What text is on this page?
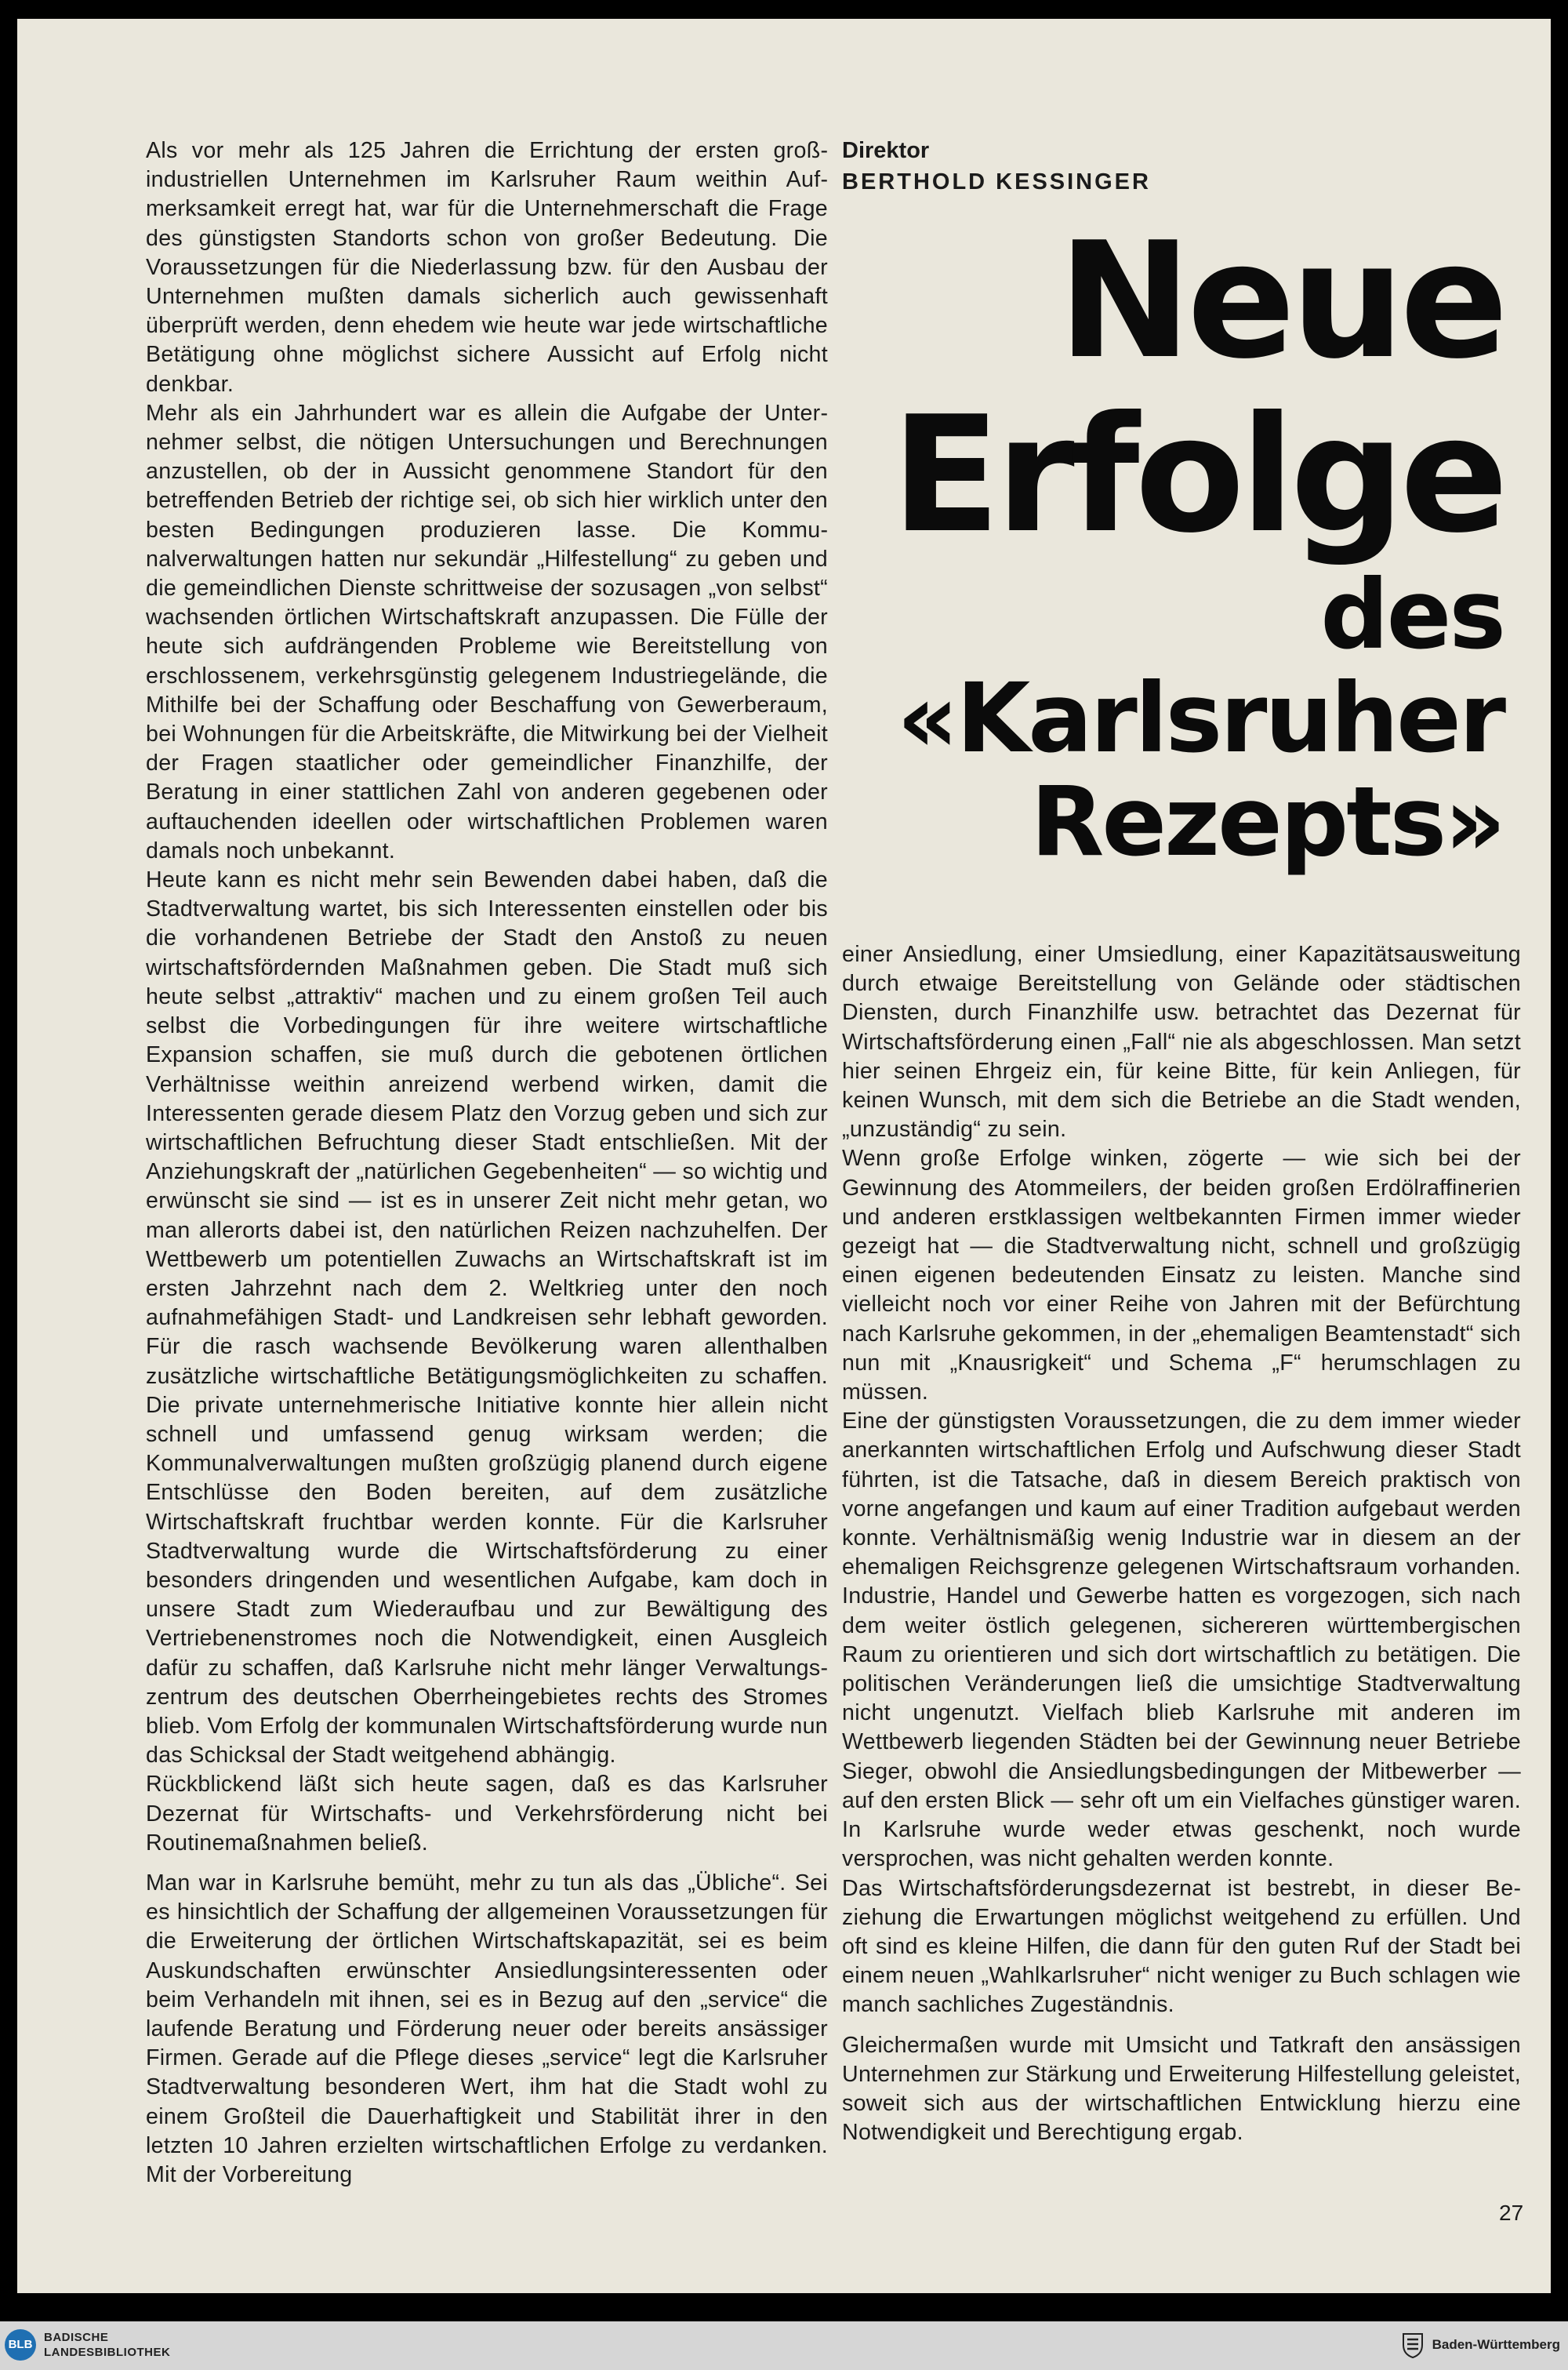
Als vor mehr als 125 Jahren die Errichtung der ersten großindustriellen Unternehmen im Karlsruher Raum weithin Aufmerksamkeit erregt hat, war für die Unternehmerschaft die Frage des günstigsten Standorts schon von großer Bedeutung. Die Voraussetzungen für die Niederlassung bzw. für den Ausbau der Unternehmen mußten damals sicherlich auch gewissenhaft überprüft werden, denn ehedem wie heute war jede wirtschaftliche Betätigung ohne möglichst sichere Aussicht auf Erfolg nicht denkbar.

Mehr als ein Jahrhundert war es allein die Aufgabe der Unternehmer selbst, die nötigen Untersuchungen und Berechnungen anzustellen, ob der in Aussicht genommene Standort für den betreffenden Betrieb der richtige sei, ob sich hier wirklich unter den besten Bedingungen produzieren lasse. Die Kommunalverwaltungen hatten nur sekundär „Hilfestellung“ zu geben und die gemeindlichen Dienste schrittweise der sozusagen „von selbst“ wachsenden örtlichen Wirtschaftskraft anzupassen. Die Fülle der heute sich aufdrängenden Probleme wie Bereitstellung von erschlossenem, verkehrsgünstig gelegenem Industriegelände, die Mithilfe bei der Schaffung oder Beschaffung von Gewerberaum, bei Wohnungen für die Arbeitskräfte, die Mitwirkung bei der Vielheit der Fragen staatlicher oder gemeindlicher Finanzhilfe, der Beratung in einer stattlichen Zahl von anderen gegebenen oder auftauchenden ideellen oder wirtschaftlichen Problemen waren damals noch unbekannt.

Heute kann es nicht mehr sein Bewenden dabei haben, daß die Stadtverwaltung wartet, bis sich Interessenten einstellen oder bis die vorhandenen Betriebe der Stadt den Anstoß zu neuen wirtschaftsfördernden Maßnahmen geben. Die Stadt muß sich heute selbst „attraktiv“ machen und zu einem großen Teil auch selbst die Vorbedingungen für ihre weitere wirtschaftliche Expansion schaffen, sie muß durch die gebotenen örtlichen Verhältnisse weithin anreizend werbend wirken, damit die Interessenten gerade diesem Platz den Vorzug geben und sich zur wirtschaftlichen Befruchtung dieser Stadt entschließen. Mit der Anziehungskraft der „natürlichen Gegebenheiten“ — so wichtig und erwünscht sie sind — ist es in unserer Zeit nicht mehr getan, wo man allerorts dabei ist, den natürlichen Reizen nachzuhelfen. Der Wettbewerb um potentiellen Zuwachs an Wirtschaftskraft ist im ersten Jahrzehnt nach dem 2. Weltkrieg unter den noch aufnahmefähigen Stadt- und Landkreisen sehr lebhaft geworden. Für die rasch wachsende Bevölkerung waren allenthalben zusätzliche wirtschaftliche Betätigungsmöglichkeiten zu schaffen. Die private unternehmerische Initiative konnte hier allein nicht schnell und umfassend genug wirksam werden; die Kommunalverwaltungen mußten großzügig planend durch eigene Entschlüsse den Boden bereiten, auf dem zusätzliche Wirtschaftskraft fruchtbar werden konnte. Für die Karlsruher Stadtverwaltung wurde die Wirtschaftsförderung zu einer besonders dringenden und wesentlichen Aufgabe, kam doch in unsere Stadt zum Wiederaufbau und zur Bewältigung des Vertriebenenstromes noch die Notwendigkeit, einen Ausgleich dafür zu schaffen, daß Karlsruhe nicht mehr länger Verwaltungszentrum des deutschen Oberrheingebietes rechts des Stromes blieb. Vom Erfolg der kommunalen Wirtschaftsförderung wurde nun das Schicksal der Stadt weitgehend abhängig.

Rückblickend läßt sich heute sagen, daß es das Karlsruher Dezernat für Wirtschafts- und Verkehrsförderung nicht bei Routinemaßnahmen beließ.

Man war in Karlsruhe bemüht, mehr zu tun als das „Übliche“. Sei es hinsichtlich der Schaffung der allgemeinen Voraussetzungen für die Erweiterung der örtlichen Wirtschaftskapazität, sei es beim Auskundschaften erwünschter Ansiedlungsinteressenten oder beim Verhandeln mit ihnen, sei es in Bezug auf den „service“ die laufende Beratung und Förderung neuer oder bereits ansässiger Firmen. Gerade auf die Pflege dieses „service“ legt die Karlsruher Stadtverwaltung besonderen Wert, ihm hat die Stadt wohl zu einem Großteil die Dauerhaftigkeit und Stabilität ihrer in den letzten 10 Jahren erzielten wirtschaftlichen Erfolge zu verdanken. Mit der Vorbereitung

Direktor
BERTHOLD KESSINGER
Neue
Erfolge
des
«Karlsruher
Rezepts»

einer Ansiedlung, einer Umsiedlung, einer Kapazitätsausweitung durch etwaige Bereitstellung von Gelände oder städtischen Diensten, durch Finanzhilfe usw. betrachtet das Dezernat für Wirtschaftsförderung einen „Fall“ nie als abgeschlossen. Man setzt hier seinen Ehrgeiz ein, für keine Bitte, für kein Anliegen, für keinen Wunsch, mit dem sich die Betriebe an die Stadt wenden, „unzuständig“ zu sein.

Wenn große Erfolge winken, zögerte — wie sich bei der Gewinnung des Atommeilers, der beiden großen Erdölraffinerien und anderen erstklassigen weltbekannten Firmen immer wieder gezeigt hat — die Stadtverwaltung nicht, schnell und großzügig einen eigenen bedeutenden Einsatz zu leisten. Manche sind vielleicht noch vor einer Reihe von Jahren mit der Befürchtung nach Karlsruhe gekommen, in der „ehemaligen Beamtenstadt“ sich nun mit „Knausrigkeit“ und Schema „F“ herumschlagen zu müssen.

Eine der günstigsten Voraussetzungen, die zu dem immer wieder anerkannten wirtschaftlichen Erfolg und Aufschwung dieser Stadt führten, ist die Tatsache, daß in diesem Bereich praktisch von vorne angefangen und kaum auf einer Tradition aufgebaut werden konnte. Verhältnismäßig wenig Industrie war in diesem an der ehemaligen Reichsgrenze gelegenen Wirtschaftsraum vorhanden. Industrie, Handel und Gewerbe hatten es vorgezogen, sich nach dem weiter östlich gelegenen, sichereren württembergischen Raum zu orientieren und sich dort wirtschaftlich zu betätigen. Die politischen Veränderungen ließ die umsichtige Stadtverwaltung nicht ungenutzt. Vielfach blieb Karlsruhe mit anderen im Wettbewerb liegenden Städten bei der Gewinnung neuer Betriebe Sieger, obwohl die Ansiedlungsbedingungen der Mitbewerber — auf den ersten Blick — sehr oft um ein Vielfaches günstiger waren. In Karlsruhe wurde weder etwas geschenkt, noch wurde versprochen, was nicht gehalten werden konnte.

Das Wirtschaftsförderungsdezernat ist bestrebt, in dieser Beziehung die Erwartungen möglichst weitgehend zu erfüllen. Und oft sind es kleine Hilfen, die dann für den guten Ruf der Stadt bei einem neuen „Wahlkarlsruher“ nicht weniger zu Buch schlagen wie manch sachliches Zugeständnis.

Gleichermaßen wurde mit Umsicht und Tatkraft den ansässigen Unternehmen zur Stärkung und Erweiterung Hilfestellung geleistet, soweit sich aus der wirtschaftlichen Entwicklung hierzu eine Notwendigkeit und Berechtigung ergab.

27
BLB
BADISCHE
LANDESBIBLIOTHEK
Baden-Württemberg
